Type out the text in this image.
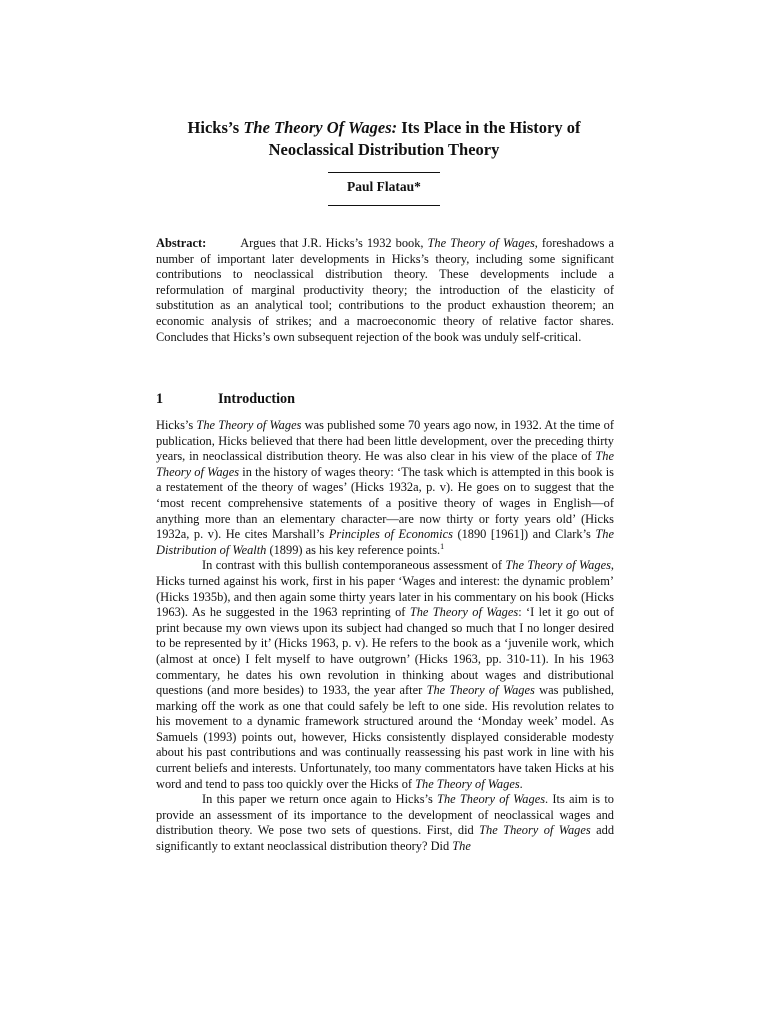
Hicks’s The Theory Of Wages: Its Place in the History of
Neoclassical Distribution Theory
Paul Flatau*
Abstract:	Argues that J.R. Hicks’s 1932 book, The Theory of Wages, foreshadows a number of important later developments in Hicks’s theory, including some significant contributions to neoclassical distribution theory. These developments include a reformulation of marginal productivity theory; the introduction of the elasticity of substitution as an analytical tool; contributions to the product exhaustion theorem; an economic analysis of strikes; and a macroeconomic theory of relative factor shares. Concludes that Hicks’s own subsequent rejection of the book was unduly self-critical.
1	Introduction

Hicks’s The Theory of Wages was published some 70 years ago now, in 1932. At the time of publication, Hicks believed that there had been little development, over the preceding thirty years, in neoclassical distribution theory. He was also clear in his view of the place of The Theory of Wages in the history of wages theory: ‘The task which is attempted in this book is a restatement of the theory of wages’ (Hicks 1932a, p. v). He goes on to suggest that the ‘most recent comprehensive statements of a positive theory of wages in English—of anything more than an elementary character—are now thirty or forty years old’ (Hicks 1932a, p. v). He cites Marshall’s Principles of Economics (1890 [1961]) and Clark’s The Distribution of Wealth (1899) as his key reference points.$^1$

In contrast with this bullish contemporaneous assessment of The Theory of Wages, Hicks turned against his work, first in his paper ‘Wages and interest: the dynamic problem’ (Hicks 1935b), and then again some thirty years later in his commentary on his book (Hicks 1963). As he suggested in the 1963 reprinting of The Theory of Wages: ‘I let it go out of print because my own views upon its subject had changed so much that I no longer desired to be represented by it’ (Hicks 1963, p. v). He refers to the book as a ‘juvenile work, which (almost at once) I felt myself to have outgrown’ (Hicks 1963, pp. 310-11). In his 1963 commentary, he dates his own revolution in thinking about wages and distributional questions (and more besides) to 1933, the year after The Theory of Wages was published, marking off the work as one that could safely be left to one side. His revolution relates to his movement to a dynamic framework structured around the ‘Monday week’ model. As Samuels (1993) points out, however, Hicks consistently displayed considerable modesty about his past contributions and was continually reassessing his past work in line with his current beliefs and interests. Unfortunately, too many commentators have taken Hicks at his word and tend to pass too quickly over the Hicks of The Theory of Wages.

In this paper we return once again to Hicks’s The Theory of Wages. Its aim is to provide an assessment of its importance to the development of neoclassical wages and distribution theory. We pose two sets of questions. First, did The Theory of Wages add significantly to extant neoclassical distribution theory? Did The
